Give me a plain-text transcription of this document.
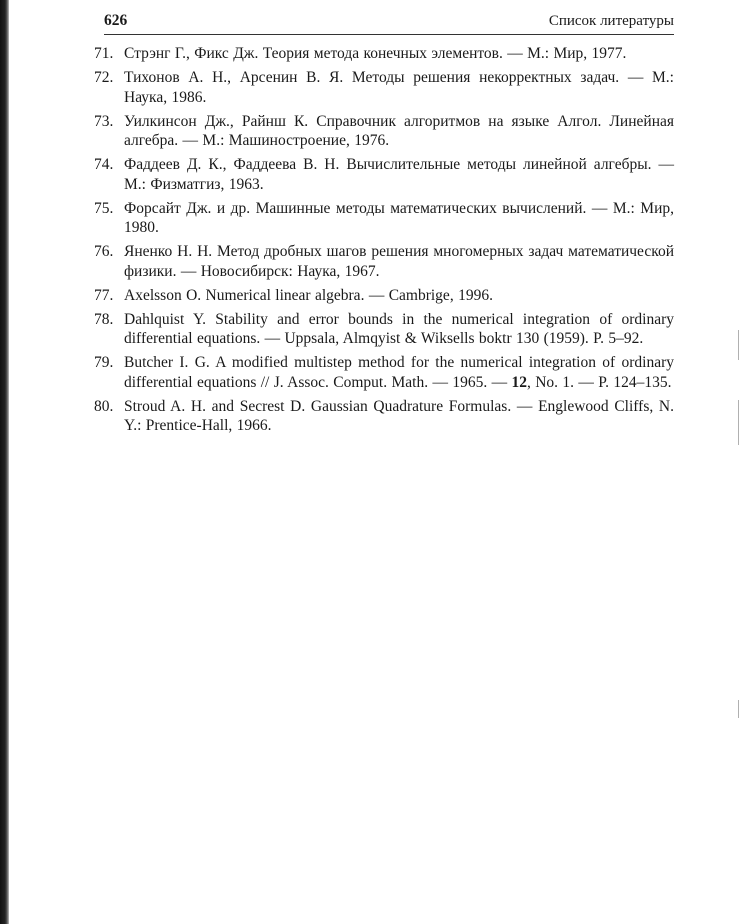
626	Список литературы
71. Стрэнг Г., Фикс Дж. Теория метода конечных элементов. — М.: Мир, 1977.
72. Тихонов А. Н., Арсенин В. Я. Методы решения некорректных задач. — М.: Наука, 1986.
73. Уилкинсон Дж., Райнш К. Справочник алгоритмов на языке Алгол. Линейная алгебра. — М.: Машиностроение, 1976.
74. Фаддеев Д. К., Фаддеева В. Н. Вычислительные методы линейной алгебры. — М.: Физматгиз, 1963.
75. Форсайт Дж. и др. Машинные методы математических вычислений. — М.: Мир, 1980.
76. Яненко Н. Н. Метод дробных шагов решения многомерных задач математической физики. — Новосибирск: Наука, 1967.
77. Axelsson O. Numerical linear algebra. — Cambrige, 1996.
78. Dahlquist Y. Stability and error bounds in the numerical integration of ordinary differential equations. — Uppsala, Almqyist & Wiksells boktr 130 (1959). P. 5–92.
79. Butcher I. G. A modified multistep method for the numerical integration of ordinary differential equations // J. Assoc. Comput. Math. — 1965. — 12, No. 1. — P. 124–135.
80. Stroud A. H. and Secrest D. Gaussian Quadrature Formulas. — Englewood Cliffs, N. Y.: Prentice-Hall, 1966.
